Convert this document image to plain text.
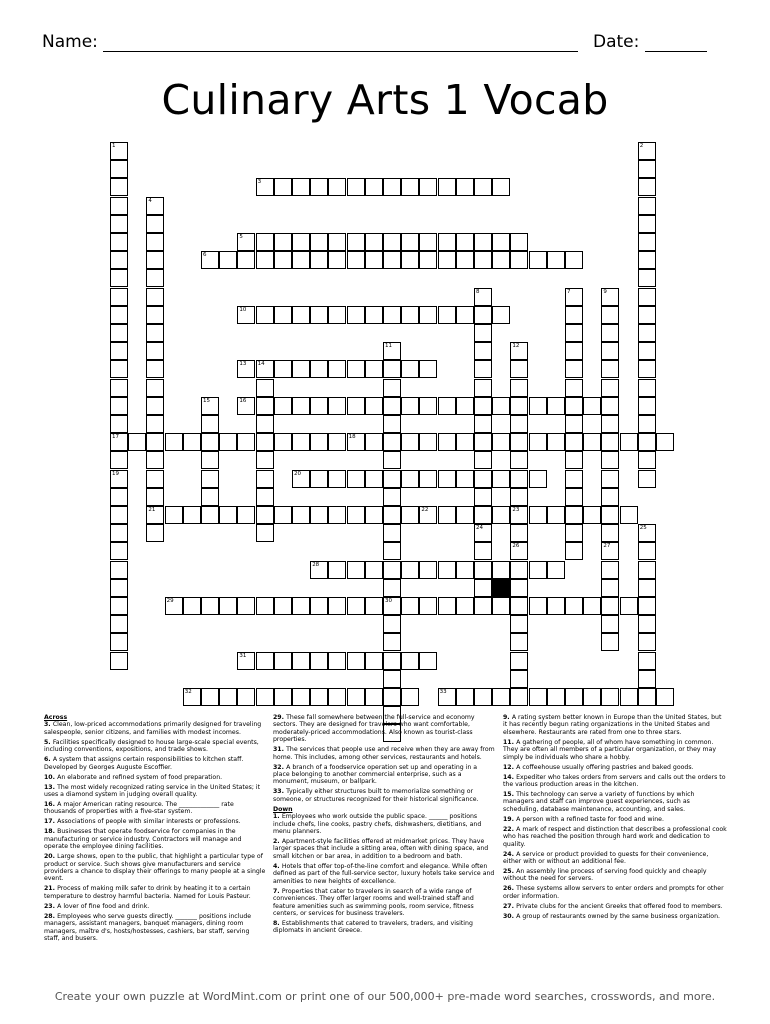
Name:	Date:
Culinary Arts 1 Vocab
3
5
6
10
13 14
16
17	18
20
21	22	23
28
29	30
31
32	33
1
19
2
4
7
8	9
27
11	12
15
24	25
26
Across

3. Clean, low-priced accommodations primarily designed for traveling salespeople, senior citizens, and families with modest incomes.

5. Facilities specifically designed to house large-scale special events, including conventions, expositions, and trade shows.

6. A system that assigns certain responsibilities to kitchen staff. Developed by Georges Auguste Escoffier.

10. An elaborate and refined system of food preparation.

13. The most widely recognized rating service in the United States; it uses a diamond system in judging overall quality.

16. A major American rating resource. The _____________ rate thousands of properties with a five-star system.

17. Associations of people with similar interests or professions.

18. Businesses that operate foodservice for companies in the manufacturing or service industry. Contractors will manage and operate the employee dining facilities.

20. Large shows, open to the public, that highlight a particular type of product or service. Such shows give manufacturers and service providers a chance to display their offerings to many people at a single event.

21. Process of making milk safer to drink by heating it to a certain temperature to destroy harmful bacteria. Named for Louis Pasteur.

23. A lover of fine food and drink.

28. Employees who serve guests directly. _______ positions include managers, assistant managers, banquet managers, dining room managers, maître d's, hosts/hostesses, cashiers, bar staff, serving staff, and busers.

29. These fall somewhere between the full-service and economy sectors. They are designed for travelers who want comfortable, moderately-priced accommodations. Also known as tourist-class properties.

31. The services that people use and receive when they are away from home. This includes, among other services, restaurants and hotels.

32. A branch of a foodservice operation set up and operating in a place belonging to another commercial enterprise, such as a monument, museum, or ballpark.

33. Typically either structures built to memorialize something or someone, or structures recognized for their historical significance.

Down

1. Employees who work outside the public space. ______ positions include chefs, line cooks, pastry chefs, dishwashers, dietitians, and menu planners.

2. Apartment-style facilities offered at midmarket prices. They have larger spaces that include a sitting area, often with dining space, and small kitchen or bar area, in addition to a bedroom and bath.

4. Hotels that offer top-of-the-line comfort and elegance. While often defined as part of the full-service sector, luxury hotels take service and amenities to new heights of excellence.

7. Properties that cater to travelers in search of a wide range of conveniences. They offer larger rooms and well-trained staff and feature amenities such as swimming pools, room service, fitness centers, or services for business travelers.

8. Establishments that catered to travelers, traders, and visiting diplomats in ancient Greece.

9. A rating system better known in Europe than the United States, but it has recently begun rating organizations in the United States and elsewhere. Restaurants are rated from one to three stars.

11. A gathering of people, all of whom have something in common. They are often all members of a particular organization, or they may simply be individuals who share a hobby.

12. A coffeehouse usually offering pastries and baked goods.

14. Expediter who takes orders from servers and calls out the orders to the various production areas in the kitchen.

15. This technology can serve a variety of functions by which managers and staff can improve guest experiences, such as scheduling, database maintenance, accounting, and sales.

19. A person with a refined taste for food and wine.

22. A mark of respect and distinction that describes a professional cook who has reached the position through hard work and dedication to quality.

24. A service or product provided to guests for their convenience, either with or without an additional fee.

25. An assembly line process of serving food quickly and cheaply without the need for servers.

26. These systems allow servers to enter orders and prompts for other order information.

27. Private clubs for the ancient Greeks that offered food to members.

30. A group of restaurants owned by the same business organization.

Create your own puzzle at WordMint.com or print one of our 500,000+ pre-made word searches, crosswords, and more.
